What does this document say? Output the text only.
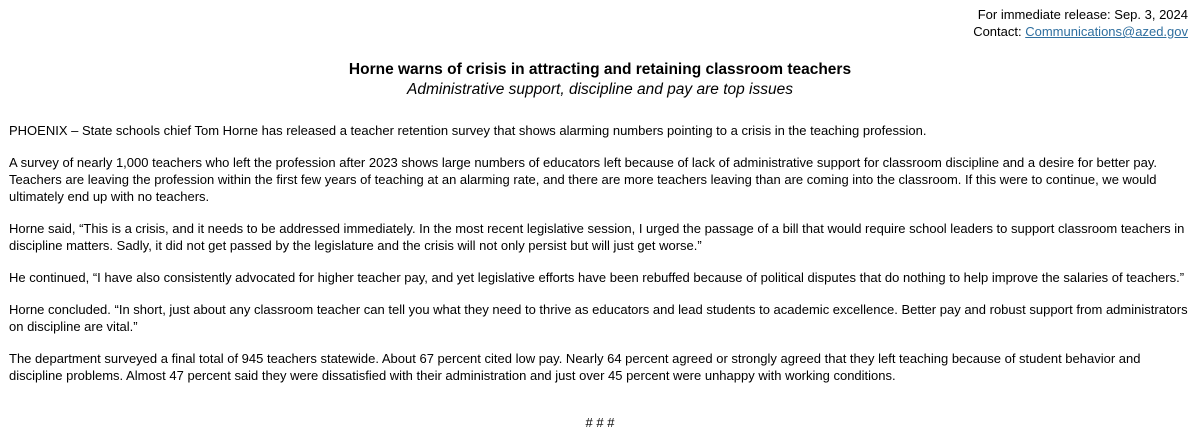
For immediate release: Sep. 3, 2024
Contact: Communications@azed.gov

Horne warns of crisis in attracting and retaining classroom teachers

Administrative support, discipline and pay are top issues

PHOENIX – State schools chief Tom Horne has released a teacher retention survey that shows alarming numbers pointing to a crisis in the teaching profession.

A survey of nearly 1,000 teachers who left the profession after 2023 shows large numbers of educators left because of lack of administrative support for classroom discipline and a desire for better pay. Teachers are leaving the profession within the first few years of teaching at an alarming rate, and there are more teachers leaving than are coming into the classroom. If this were to continue, we would ultimately end up with no teachers.

Horne said, “This is a crisis, and it needs to be addressed immediately. In the most recent legislative session, I urged the passage of a bill that would require school leaders to support classroom teachers in discipline matters. Sadly, it did not get passed by the legislature and the crisis will not only persist but will just get worse.”

He continued, “I have also consistently advocated for higher teacher pay, and yet legislative efforts have been rebuffed because of political disputes that do nothing to help improve the salaries of teachers.”

Horne concluded. “In short, just about any classroom teacher can tell you what they need to thrive as educators and lead students to academic excellence. Better pay and robust support from administrators on discipline are vital.”

The department surveyed a final total of 945 teachers statewide. About 67 percent cited low pay. Nearly 64 percent agreed or strongly agreed that they left teaching because of student behavior and discipline problems. Almost 47 percent said they were dissatisfied with their administration and just over 45 percent were unhappy with working conditions.

# # #
